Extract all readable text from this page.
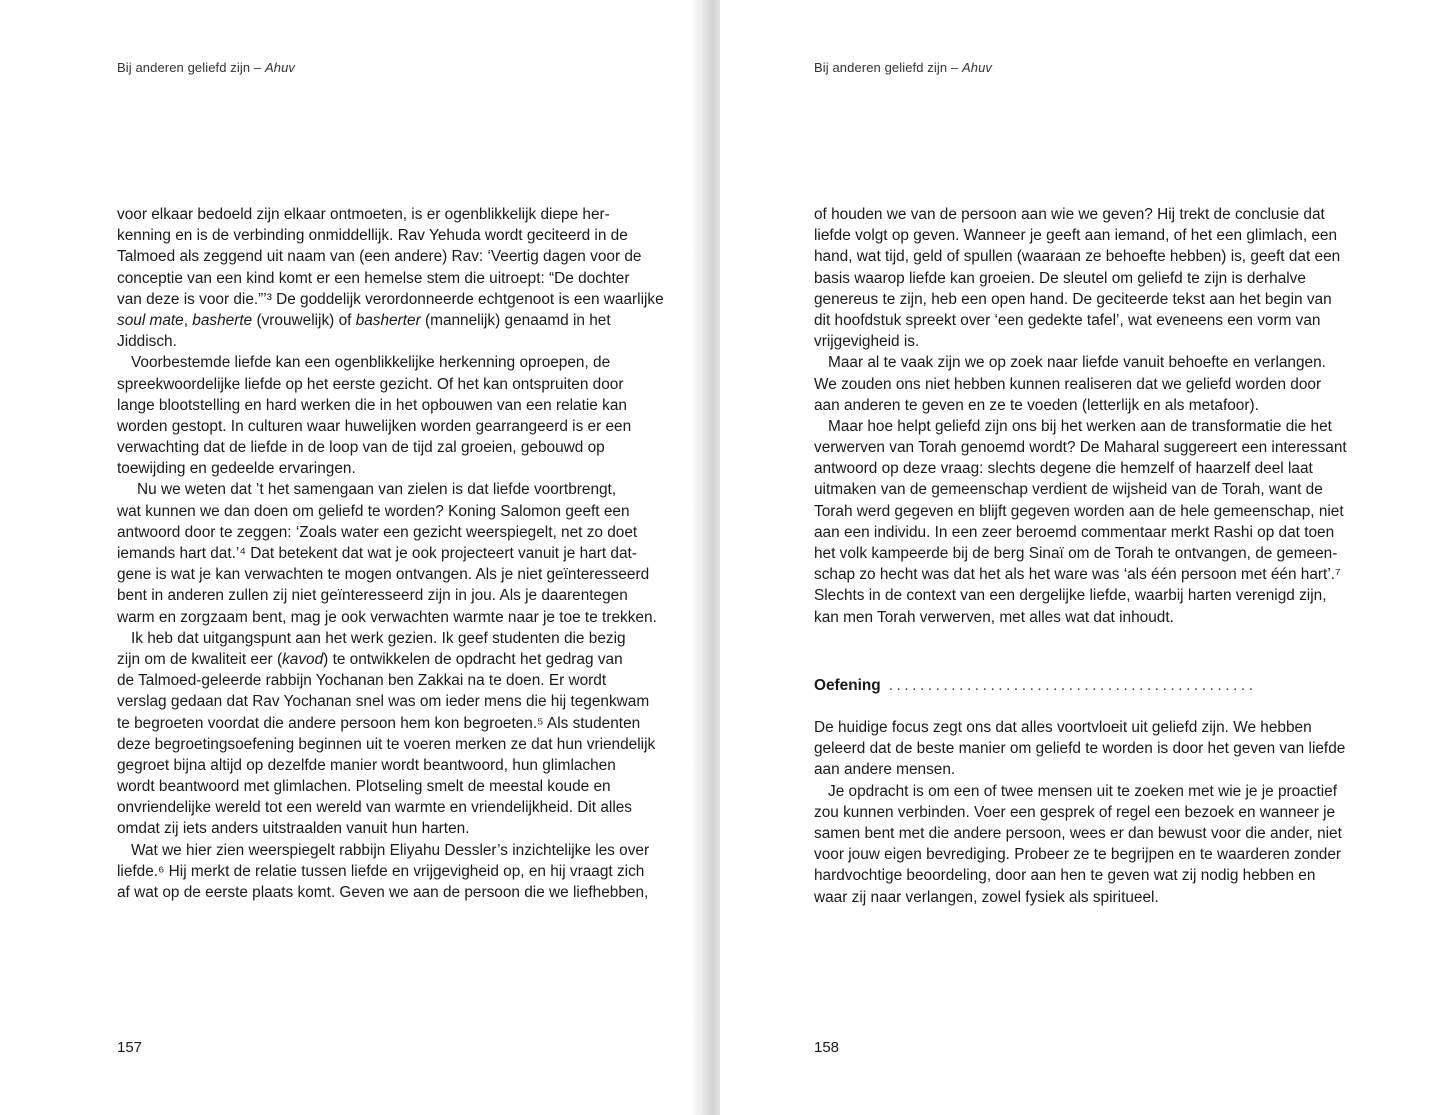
Bij anderen geliefd zijn – Ahuv
voor elkaar bedoeld zijn elkaar ontmoeten, is er ogenblikkelijk diepe her-
kenning en is de verbinding onmiddellijk. Rav Yehuda wordt geciteerd in de
Talmoed als zeggend uit naam van (een andere) Rav: ‘Veertig dagen voor de
conceptie van een kind komt er een hemelse stem die uitroept: “De dochter
van deze is voor die.”’³ De goddelijk verordonneerde echtgenoot is een waarlijke
soul mate, basherte (vrouwelijk) of basherter (mannelijk) genaamd in het
Jiddisch.
Voorbestemde liefde kan een ogenblikkelijke herkenning oproepen, de
spreekwoordelijke liefde op het eerste gezicht. Of het kan ontspruiten door
lange blootstelling en hard werken die in het opbouwen van een relatie kan
worden gestopt. In culturen waar huwelijken worden gearrangeerd is er een
verwachting dat de liefde in de loop van de tijd zal groeien, gebouwd op
toewijding en gedeelde ervaringen.
Nu we weten dat ’t het samengaan van zielen is dat liefde voortbrengt,
wat kunnen we dan doen om geliefd te worden? Koning Salomon geeft een
antwoord door te zeggen: ‘Zoals water een gezicht weerspiegelt, net zo doet
iemands hart dat.’⁴ Dat betekent dat wat je ook projecteert vanuit je hart dat-
gene is wat je kan verwachten te mogen ontvangen. Als je niet geïnteresseerd
bent in anderen zullen zij niet geïnteresseerd zijn in jou. Als je daarentegen
warm en zorgzaam bent, mag je ook verwachten warmte naar je toe te trekken.
Ik heb dat uitgangspunt aan het werk gezien. Ik geef studenten die bezig
zijn om de kwaliteit eer (kavod) te ontwikkelen de opdracht het gedrag van
de Talmoed-geleerde rabbijn Yochanan ben Zakkai na te doen. Er wordt
verslag gedaan dat Rav Yochanan snel was om ieder mens die hij tegenkwam
te begroeten voordat die andere persoon hem kon begroeten.⁵ Als studenten
deze begroetingsoefening beginnen uit te voeren merken ze dat hun vriendelijk
gegroet bijna altijd op dezelfde manier wordt beantwoord, hun glimlachen
wordt beantwoord met glimlachen. Plotseling smelt de meestal koude en
onvriendelijke wereld tot een wereld van warmte en vriendelijkheid. Dit alles
omdat zij iets anders uitstraalden vanuit hun harten.
Wat we hier zien weerspiegelt rabbijn Eliyahu Dessler’s inzichtelijke les over
liefde.⁶ Hij merkt de relatie tussen liefde en vrijgevigheid op, en hij vraagt zich
af wat op de eerste plaats komt. Geven we aan de persoon die we liefhebben,
157
Bij anderen geliefd zijn – Ahuv
of houden we van de persoon aan wie we geven? Hij trekt de conclusie dat
liefde volgt op geven. Wanneer je geeft aan iemand, of het een glimlach, een
hand, wat tijd, geld of spullen (waaraan ze behoefte hebben) is, geeft dat een
basis waarop liefde kan groeien. De sleutel om geliefd te zijn is derhalve
genereus te zijn, heb een open hand. De geciteerde tekst aan het begin van
dit hoofdstuk spreekt over ‘een gedekte tafel’, wat eveneens een vorm van
vrijgevigheid is.
Maar al te vaak zijn we op zoek naar liefde vanuit behoefte en verlangen.
We zouden ons niet hebben kunnen realiseren dat we geliefd worden door
aan anderen te geven en ze te voeden (letterlijk en als metafoor).
Maar hoe helpt geliefd zijn ons bij het werken aan de transformatie die het
verwerven van Torah genoemd wordt? De Maharal suggereert een interessant
antwoord op deze vraag: slechts degene die hemzelf of haarzelf deel laat
uitmaken van de gemeenschap verdient de wijsheid van de Torah, want de
Torah werd gegeven en blijft gegeven worden aan de hele gemeenschap, niet
aan een individu. In een zeer beroemd commentaar merkt Rashi op dat toen
het volk kampeerde bij de berg Sinaï om de Torah te ontvangen, de gemeen-
schap zo hecht was dat het als het ware was ‘als één persoon met één hart’.⁷
Slechts in de context van een dergelijke liefde, waarbij harten verenigd zijn,
kan men Torah verwerven, met alles wat dat inhoudt.
Oefening ...............................................
De huidige focus zegt ons dat alles voortvloeit uit geliefd zijn. We hebben
geleerd dat de beste manier om geliefd te worden is door het geven van liefde
aan andere mensen.
Je opdracht is om een of twee mensen uit te zoeken met wie je je proactief
zou kunnen verbinden. Voer een gesprek of regel een bezoek en wanneer je
samen bent met die andere persoon, wees er dan bewust voor die ander, niet
voor jouw eigen bevrediging. Probeer ze te begrijpen en te waarderen zonder
hardvochtige beoordeling, door aan hen te geven wat zij nodig hebben en
waar zij naar verlangen, zowel fysiek als spiritueel.
158
